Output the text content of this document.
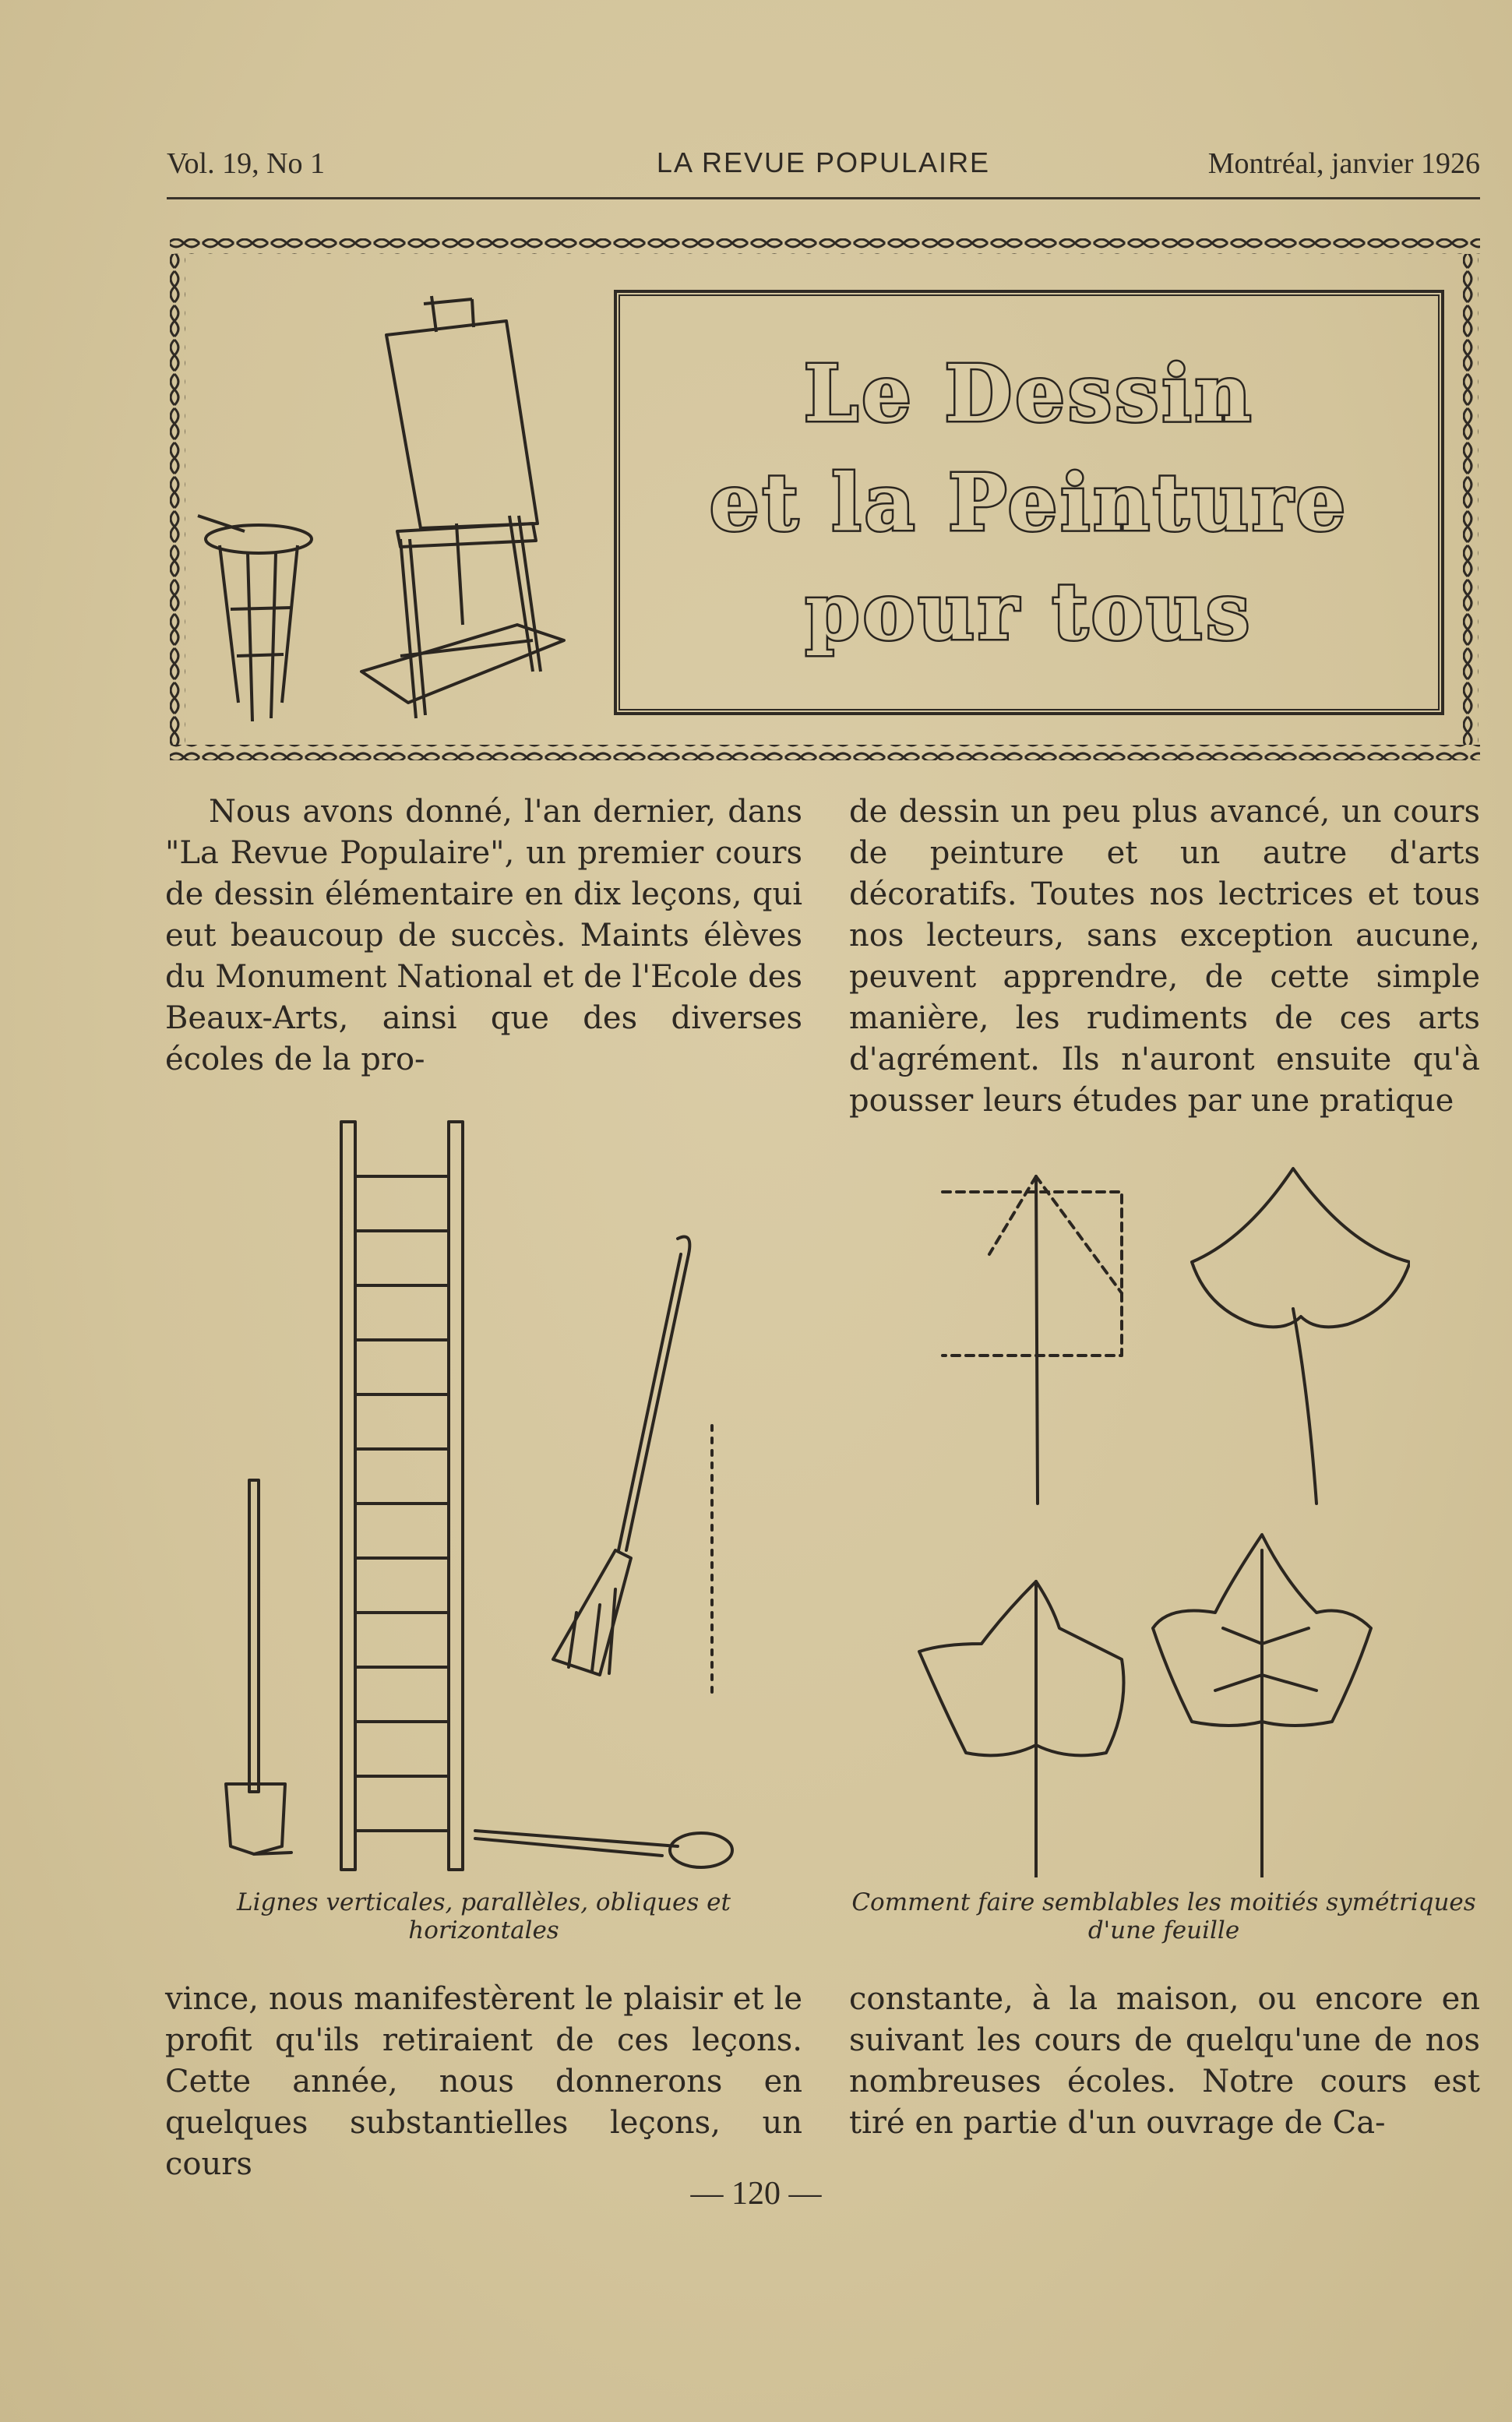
Vol. 19, No 1	LA REVUE POPULAIRE	Montréal, janvier 1926
Le Dessin
et la Peinture
pour tous

Nous avons donné, l'an dernier, dans "La Revue Populaire", un premier cours de dessin élémentaire en dix leçons, qui eut beaucoup de succès. Maints élèves du Monument National et de l'Ecole des Beaux-Arts, ainsi que des diverses écoles de la pro-

de dessin un peu plus avancé, un cours de peinture et un autre d'arts décoratifs. Toutes nos lectrices et tous nos lecteurs, sans exception aucune, peuvent apprendre, de cette simple manière, les rudiments de ces arts d'agrément. Ils n'auront ensuite qu'à pousser leurs études par une pratique

Lignes verticales, parallèles, obliques et horizontales
Comment faire semblables les moitiés symétriques d'une feuille

vince, nous manifestèrent le plaisir et le profit qu'ils retiraient de ces leçons. Cette année, nous donnerons en quelques substantielles leçons, un cours

constante, à la maison, ou encore en suivant les cours de quelqu'une de nos nombreuses écoles. Notre cours est tiré en partie d'un ouvrage de Ca-

— 120 —
